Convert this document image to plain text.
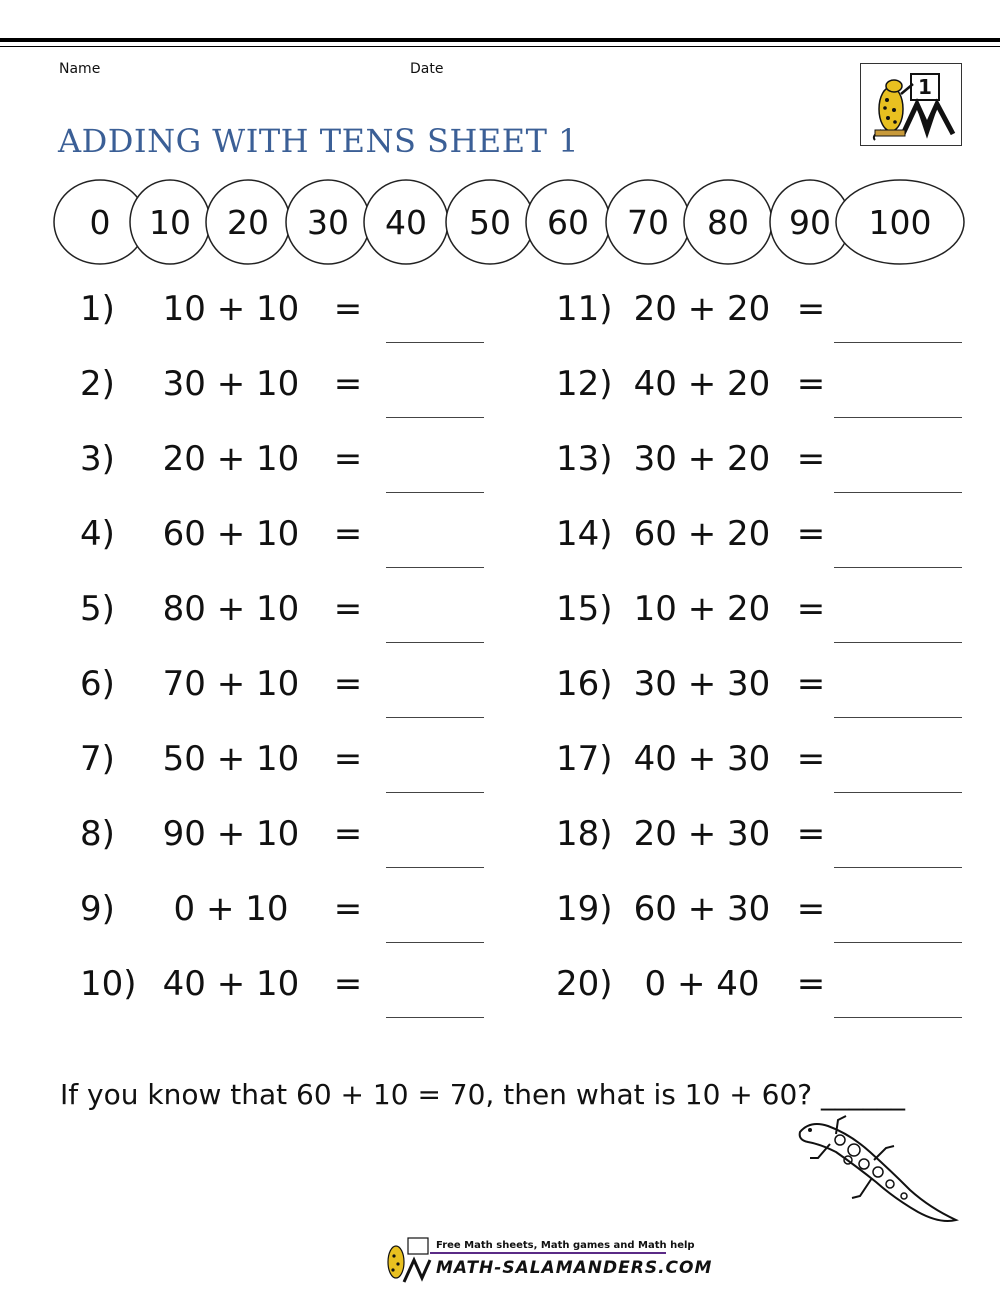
Name	Date
ADDING WITH TENS SHEET 1
1
0 10 20 30 40 50 60 70 80 90 100
1)	10 + 10	=
2)	30 + 10	=
3)	20 + 10	=
4)	60 + 10	=
5)	80 + 10	=
6)	70 + 10	=
7)	50 + 10	=
8)	90 + 10	=
9)	0 + 10	=
10) 40 + 10	=
11) 20 + 20 =
12) 40 + 20 =
13) 30 + 20 =
14) 60 + 20 =
15) 10 + 20 =
16) 30 + 30 =
17) 40 + 30 =
18) 20 + 30 =
19) 60 + 30 =
20) 0 + 40	=
If you know that 60 + 10 = 70, then what is 10 + 60? ______
Free Math sheets, Math games and Math help
MATH-SALAMANDERS.COM
